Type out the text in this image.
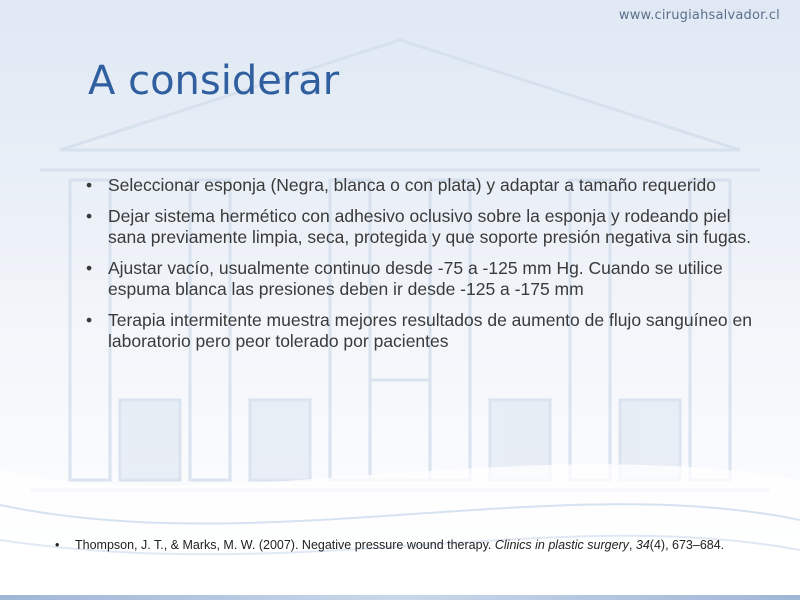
www.cirugiahsalvador.cl
A considerar
• Seleccionar esponja (Negra, blanca o con plata) y adaptar a tamaño requerido
• Dejar sistema hermético con adhesivo oclusivo sobre la esponja y rodeando piel sana previamente limpia, seca, protegida y que soporte presión negativa sin fugas.
• Ajustar vacío, usualmente continuo desde -75 a -125 mm Hg. Cuando se utilice espuma blanca las presiones deben ir desde -125 a -175 mm
• Terapia intermitente muestra mejores resultados de aumento de flujo sanguíneo en laboratorio pero peor tolerado por pacientes
•	Thompson, J. T., & Marks, M. W. (2007). Negative pressure wound therapy. Clinics in plastic surgery, 34(4), 673–684.
